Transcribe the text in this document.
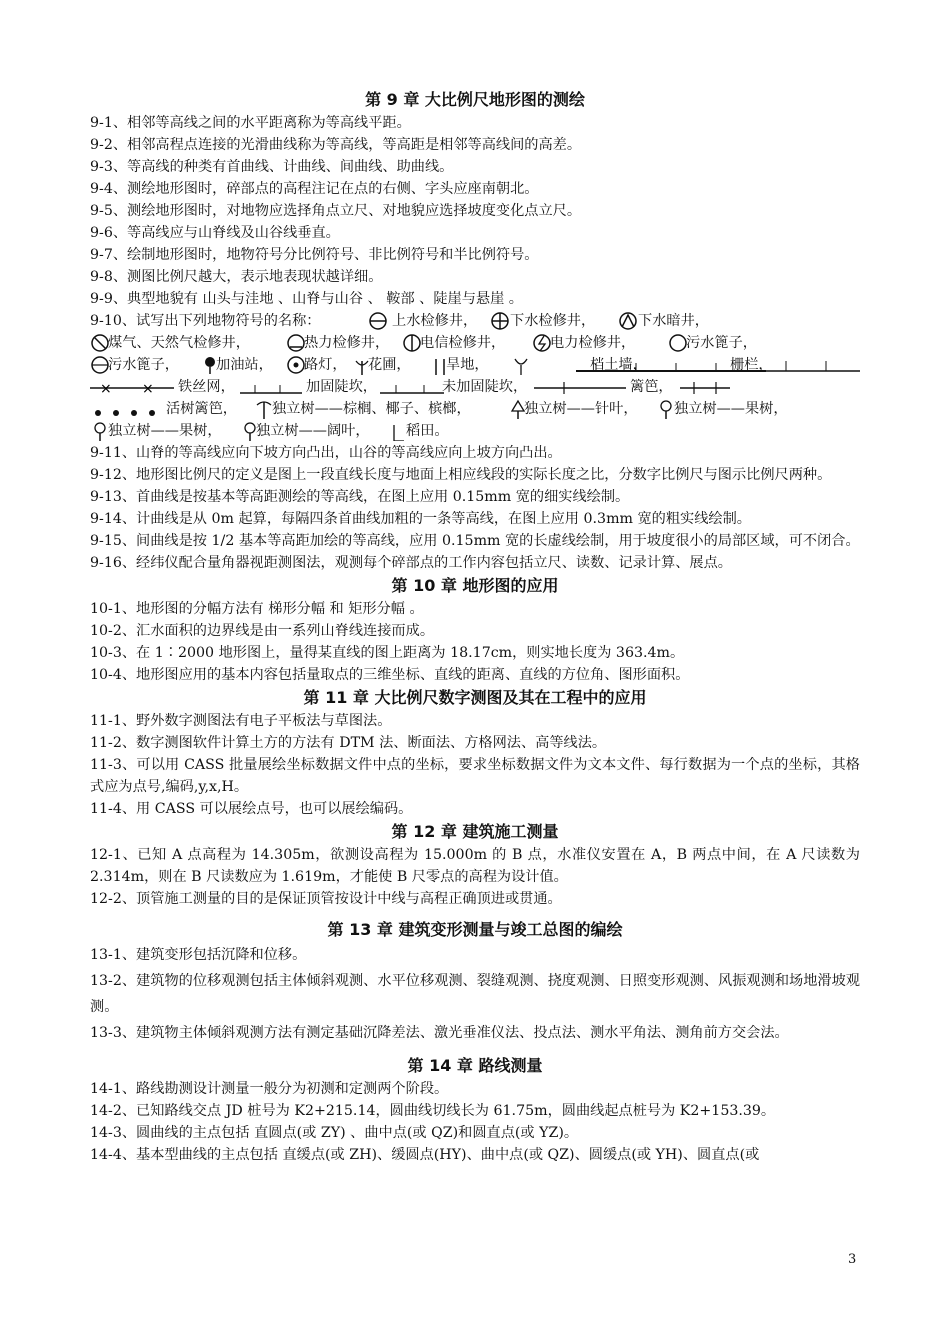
第 9 章 大比例尺地形图的测绘
9-1、相邻等高线之间的水平距离称为等高线平距。
9-2、相邻高程点连接的光滑曲线称为等高线，等高距是相邻等高线间的高差。
9-3、等高线的种类有首曲线、计曲线、间曲线、助曲线。
9-4、测绘地形图时，碎部点的高程注记在点的右侧、字头应座南朝北。
9-5、测绘地形图时，对地物应选择角点立尺、对地貌应选择坡度变化点立尺。
9-6、等高线应与山脊线及山谷线垂直。
9-7、绘制地形图时，地物符号分比例符号、非比例符号和半比例符号。
9-8、测图比例尺越大，表示地表现状越详细。
9-9、典型地貌有 山头与洼地 、山脊与山谷 、 鞍部 、陡崖与悬崖 。
9-10、试写出下列地物符号的名称：	上水检修井， 下水检修井，	下水暗井，
煤气、天然气检修井，	热力检修井， 电信检修井，	电力检修井，	污水篦子，
污水篦子，	加油站， 路灯， 花圃， 旱地，	档土墙，	栅栏，
× × 铁丝网，	加固陡坎，	未加固陡坎，	篱笆，
活树篱笆， 独立树——棕榈、椰子、槟榔，	独立树——针叶，	独立树——果树，
独立树——果树， 独立树——阔叶，	稻田。
9-11、山脊的等高线应向下坡方向凸出，山谷的等高线应向上坡方向凸出。
9-12、地形图比例尺的定义是图上一段直线长度与地面上相应线段的实际长度之比，分数字比例尺与图示比例尺两种。
9-13、首曲线是按基本等高距测绘的等高线，在图上应用 0.15mm 宽的细实线绘制。
9-14、计曲线是从 0m 起算，每隔四条首曲线加粗的一条等高线，在图上应用 0.3mm 宽的粗实线绘制。
9-15、间曲线是按 1/2 基本等高距加绘的等高线，应用 0.15mm 宽的长虚线绘制，用于坡度很小的局部区域，可不闭合。
9-16、经纬仪配合量角器视距测图法，观测每个碎部点的工作内容包括立尺、读数、记录计算、展点。
第 10 章 地形图的应用
10-1、地形图的分幅方法有 梯形分幅 和 矩形分幅 。
10-2、汇水面积的边界线是由一系列山脊线连接而成。
10-3、在 1∶2000 地形图上，量得某直线的图上距离为 18.17cm，则实地长度为 363.4m。
10-4、地形图应用的基本内容包括量取点的三维坐标、直线的距离、直线的方位角、图形面积。
第 11 章 大比例尺数字测图及其在工程中的应用
11-1、野外数字测图法有电子平板法与草图法。
11-2、数字测图软件计算土方的方法有 DTM 法、断面法、方格网法、高等线法。
11-3、可以用 CASS 批量展绘坐标数据文件中点的坐标，要求坐标数据文件为文本文件、每行数据为一个点的坐标，其格式应为点号,编码,y,x,H。
11-4、用 CASS 可以展绘点号，也可以展绘编码。
第 12 章 建筑施工测量
12-1、已知 A 点高程为 14.305m，欲测设高程为 15.000m 的 B 点，水准仪安置在 A，B 两点中间，在 A 尺读数为 2.314m，则在 B 尺读数应为 1.619m，才能使 B 尺零点的高程为设计值。
12-2、顶管施工测量的目的是保证顶管按设计中线与高程正确顶进或贯通。
第 13 章 建筑变形测量与竣工总图的编绘
13-1、建筑变形包括沉降和位移。
13-2、建筑物的位移观测包括主体倾斜观测、水平位移观测、裂缝观测、挠度观测、日照变形观测、风振观测和场地滑坡观测。
13-3、建筑物主体倾斜观测方法有测定基础沉降差法、激光垂准仪法、投点法、测水平角法、测角前方交会法。
第 14 章 路线测量
14-1、路线勘测设计测量一般分为初测和定测两个阶段。
14-2、已知路线交点 JD 桩号为 K2+215.14，圆曲线切线长为 61.75m，圆曲线起点桩号为 K2+153.39。
14-3、圆曲线的主点包括 直圆点(或 ZY) 、曲中点(或 QZ)和圆直点(或 YZ)。
14-4、基本型曲线的主点包括 直缓点(或 ZH)、缓圆点(HY)、曲中点(或 QZ)、圆缓点(或 YH)、圆直点(或
3
